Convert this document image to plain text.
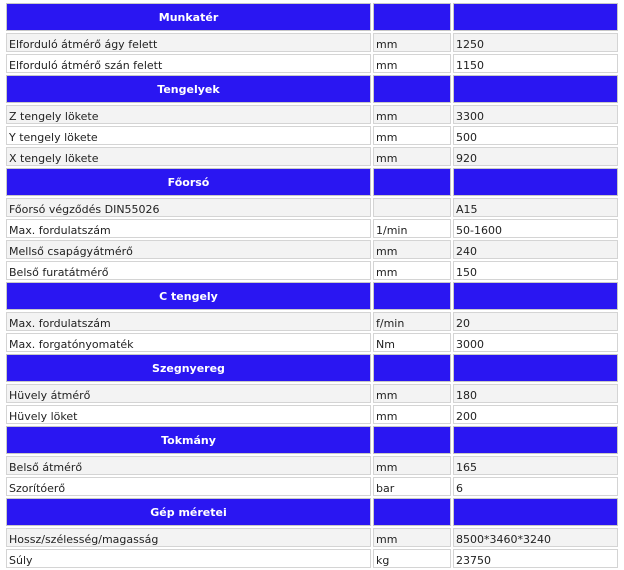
Munkatér		
Elforduló átmérő ágy felett	mm	1250
Elforduló átmérő szán felett	mm	1150
Tengelyek		
Z tengely lökete	mm	3300
Y tengely lökete	mm	500
X tengely lökete	mm	920
Főorsó		
Főorsó végződés DIN55026		A15
Max. fordulatszám	1/min	50-1600
Mellső csapágyátmérő	mm	240
Belső furatátmérő	mm	150
C tengely		
Max. fordulatszám	f/min	20
Max. forgatónyomaték	Nm	3000
Szegnyereg		
Hüvely átmérő	mm	180
Hüvely löket	mm	200
Tokmány		
Belső átmérő	mm	165
Szorítóerő	bar	6
Gép méretei		
Hossz/szélesség/magasság	mm	8500*3460*3240
Súly	kg	23750
